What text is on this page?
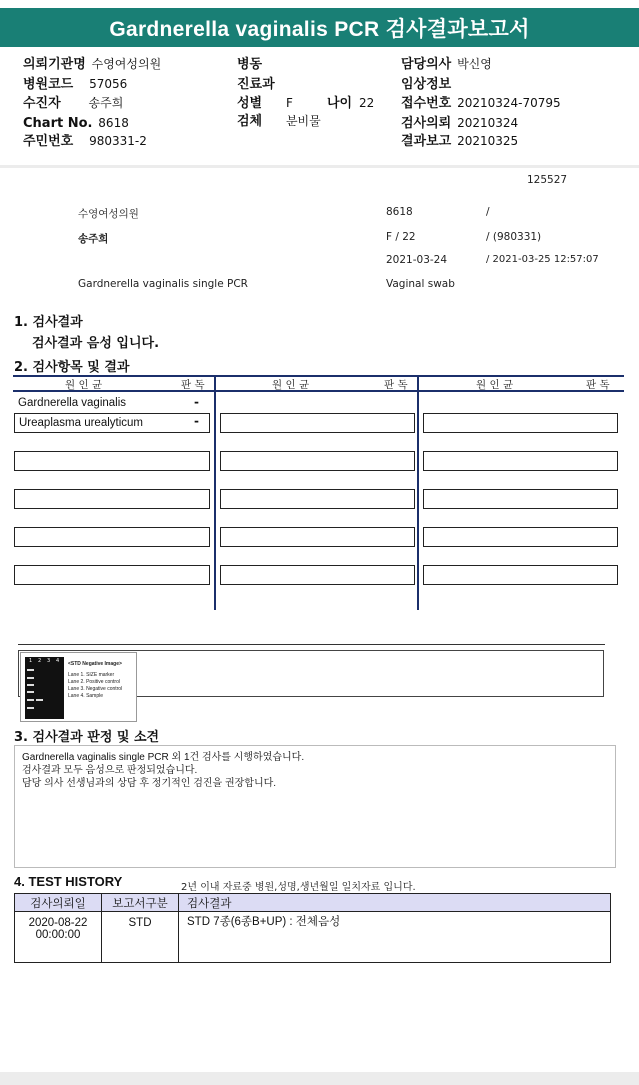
Gardnerella vaginalis PCR 검사결과보고서
의뢰기관명 수영여성의원	병동	담당의사 박신영
병원코드 57056	진료과	임상정보
수진자 송주희	성별 F	나이 22 접수번호 20210324-70795
Chart No. 8618	검체 분비물	검사의뢰 20210324
주민번호 980331-2	결과보고 20210325
125527
수영여성의원	8618	/
송주희	F / 22	/ (980331)
2021-03-24	/ 2021-03-25 12:57:07
Gardnerella vaginalis single PCR	Vaginal swab
1. 검사결과
검사결과 음성 입니다.
2. 검사항목 및 결과
원 인 균	판 독	원 인 균	판 독	원 인 균	판 독
Gardnerella vaginalis	-
Ureaplasma urealyticum	-
1 2 3 4 <STD Negative Image>
Lane 1. SIZE marker
Lane 2. Positive control
Lane 3. Negative control
Lane 4. Sample
3. 검사결과 판정 및 소견
Gardnerella vaginalis single PCR 외 1건 검사를 시행하였습니다.
검사결과 모두 음성으로 판정되었습니다.
담당 의사 선생님과의 상담 후 정기적인 검진을 권장합니다.
4. TEST HISTORY	2년 이내 자료중 병원,성명,생년월일 일치자료 입니다.
검사의뢰일	보고서구분	검사결과

2020-08-22
00:00:00	STD	STD 7종(6종B+UP) : 전체음성
